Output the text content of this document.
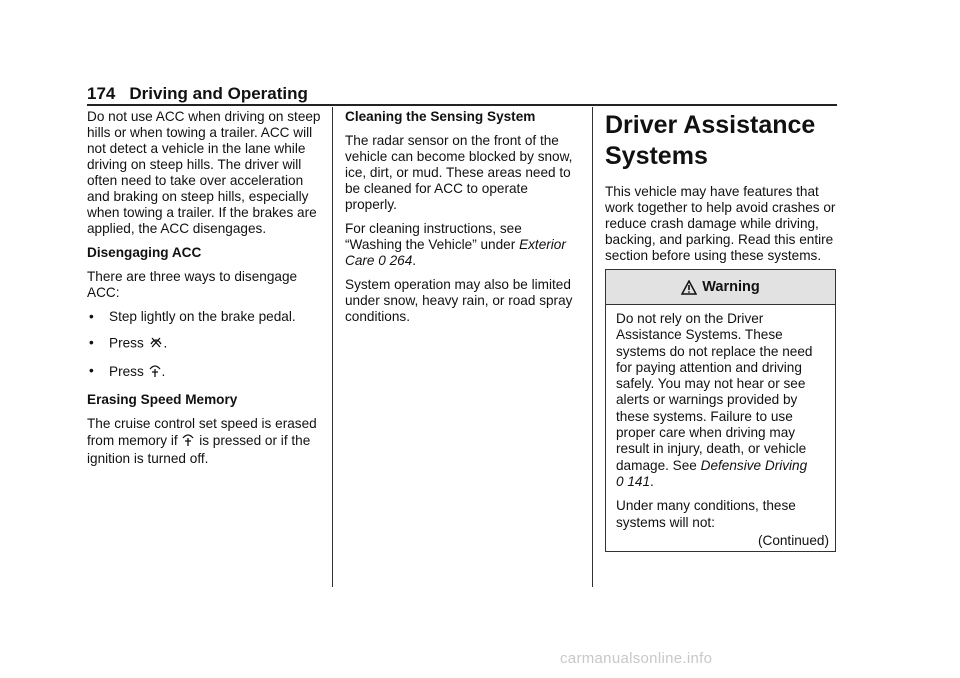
174 Driving and Operating

Do not use ACC when driving on steep hills or when towing a trailer. ACC will not detect a vehicle in the lane while driving on steep hills. The driver will often need to take over acceleration and braking on steep hills, especially when towing a trailer. If the brakes are applied, the ACC disengages.

Disengaging ACC

There are three ways to disengage ACC:

• Step lightly on the brake pedal.
• Press .
• Press .

Erasing Speed Memory

The cruise control set speed is erased from memory if is pressed or if the ignition is turned off.

Cleaning the Sensing System

The radar sensor on the front of the vehicle can become blocked by snow, ice, dirt, or mud. These areas need to be cleaned for ACC to operate properly.

For cleaning instructions, see “Washing the Vehicle” under Exterior Care 0 264.

System operation may also be limited under snow, heavy rain, or road spray conditions.

Driver Assistance Systems

This vehicle may have features that work together to help avoid crashes or reduce crash damage while driving, backing, and parking. Read this entire section before using these systems.

Warning

Do not rely on the Driver Assistance Systems. These systems do not replace the need for paying attention and driving safely. You may not hear or see alerts or warnings provided by these systems. Failure to use proper care when driving may result in injury, death, or vehicle damage. See Defensive Driving
0 141.

Under many conditions, these systems will not:

(Continued)
carmanualsonline.info
